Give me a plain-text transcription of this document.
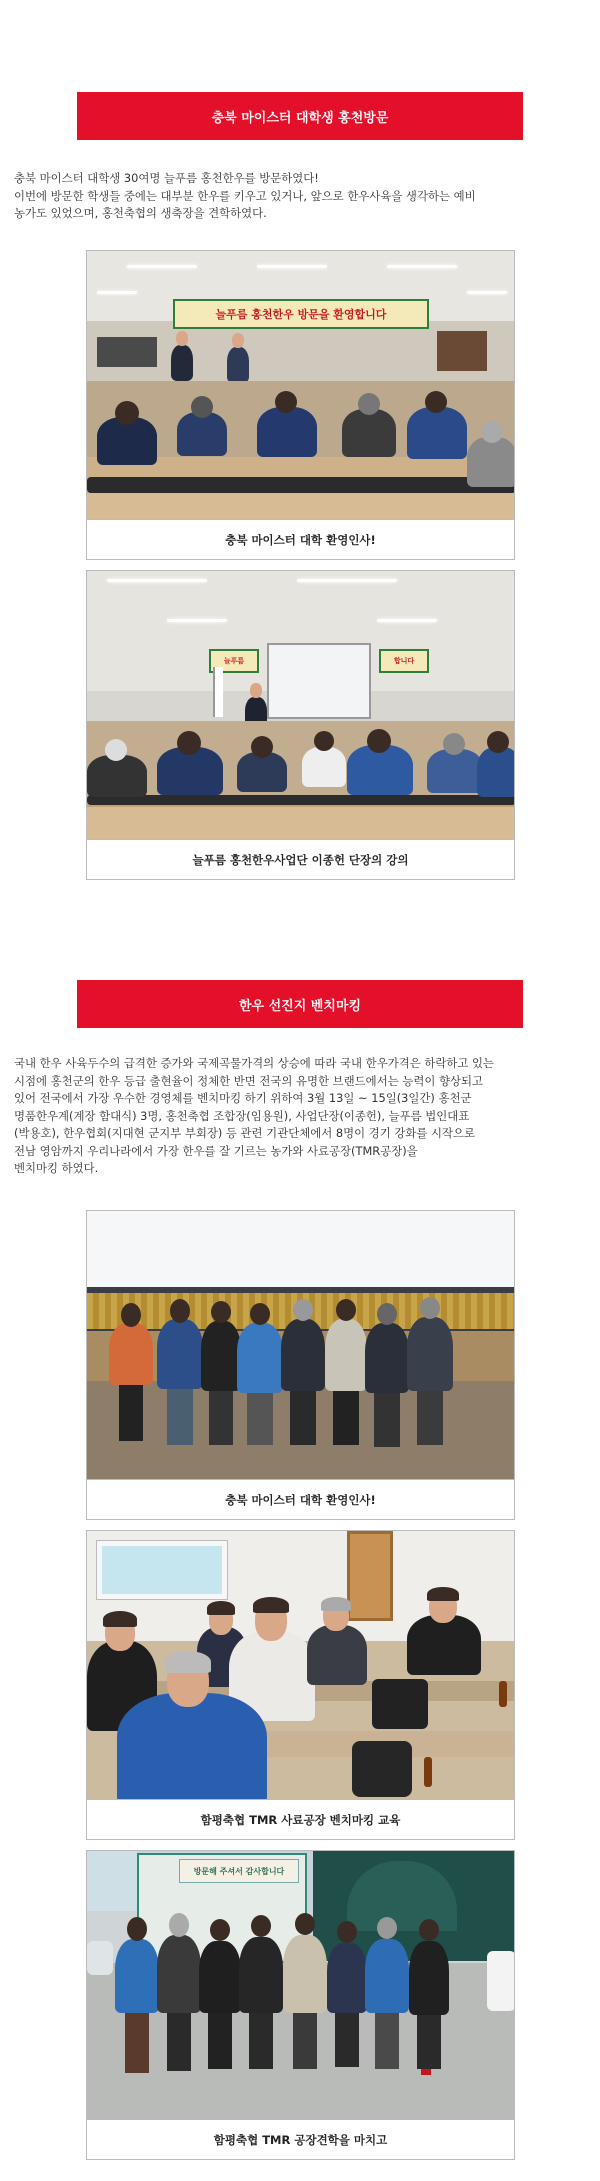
충북 마이스터 대학생 홍천방문
충북 마이스터 대학생 30여명 늘푸름 홍천한우를 방문하였다!
이번에 방문한 학생들 중에는 대부분 한우를 키우고 있거나, 앞으로 한우사육을 생각하는 예비
농가도 있었으며, 홍천축협의 생축장을 견학하였다.
늘푸름 홍천한우 방문을 환영합니다
충북 마이스터 대학 환영인사!
늘푸름	합니다
늘푸름 홍천한우사업단 이종헌 단장의 강의
한우 선진지 벤치마킹
국내 한우 사육두수의 급격한 증가와 국제곡물가격의 상승에 따라 국내 한우가격은 하락하고 있는
시점에 홍천군의 한우 등급 출현율이 정체한 반면 전국의 유명한 브랜드에서는 능력이 향상되고
있어 전국에서 가장 우수한 경영체를 벤치마킹 하기 위하여 3월 13일 ~ 15일(3일간) 홍천군
명품한우계(계장 함대식) 3명, 홍천축협 조합장(임용원), 사업단장(이종헌), 늘푸름 법인대표
(박용호), 한우협회(지대현 군지부 부회장) 등 관련 기관단체에서 8명이 경기 강화를 시작으로
전남 영암까지 우리나라에서 가장 한우를 잘 기르는 농가와 사료공장(TMR공장)을
벤치마킹 하였다.
충북 마이스터 대학 환영인사!
함평축협 TMR 사료공장 벤치마킹 교육
방문해 주셔서 감사합니다
함평축협 TMR 공장견학을 마치고
